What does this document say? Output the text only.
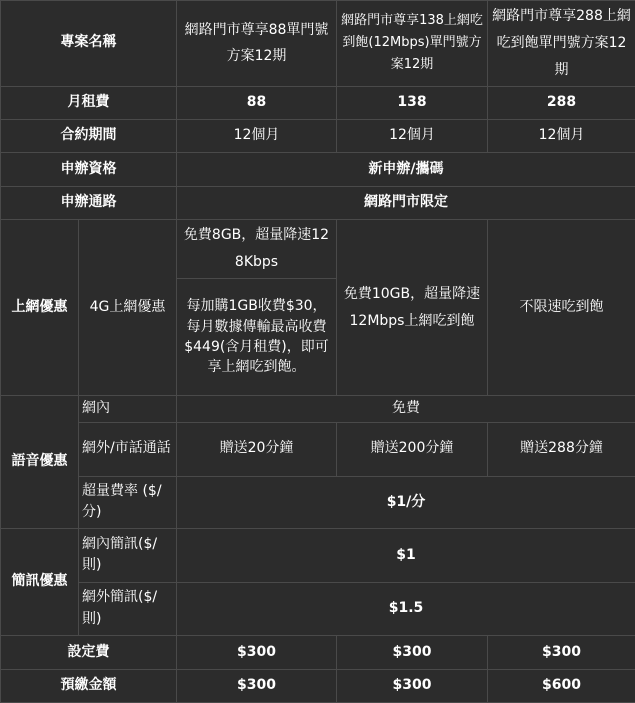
專案名稱		網路門市尊享88單門號方案12期	網路門市尊享138上網吃到飽(12Mbps)單門號方案12期	網路門市尊享288上網吃到飽單門號方案12期
月租費		88	138	288
合約期間		12個月	12個月	12個月
申辦資格		新申辦/攜碼		
申辦通路		網路門市限定		
上網優惠	4G上網優惠	免費8GB，超量降速128Kbps	免費10GB，超量降速12Mbps上網吃到飽	不限速吃到飽
		每加購1GB收費$30，每月數據傳輸最高收費$449(含月租費)，即可享上網吃到飽。		
語音優惠	網內	免費		
	網外/市話通話	贈送20分鐘	贈送200分鐘	贈送288分鐘
	超量費率 ($/分)	$1/分		
簡訊優惠	網內簡訊($/則)	$1		
	網外簡訊($/則)	$1.5		
設定費		$300	$300	$300
預繳金額		$300	$300	$600
